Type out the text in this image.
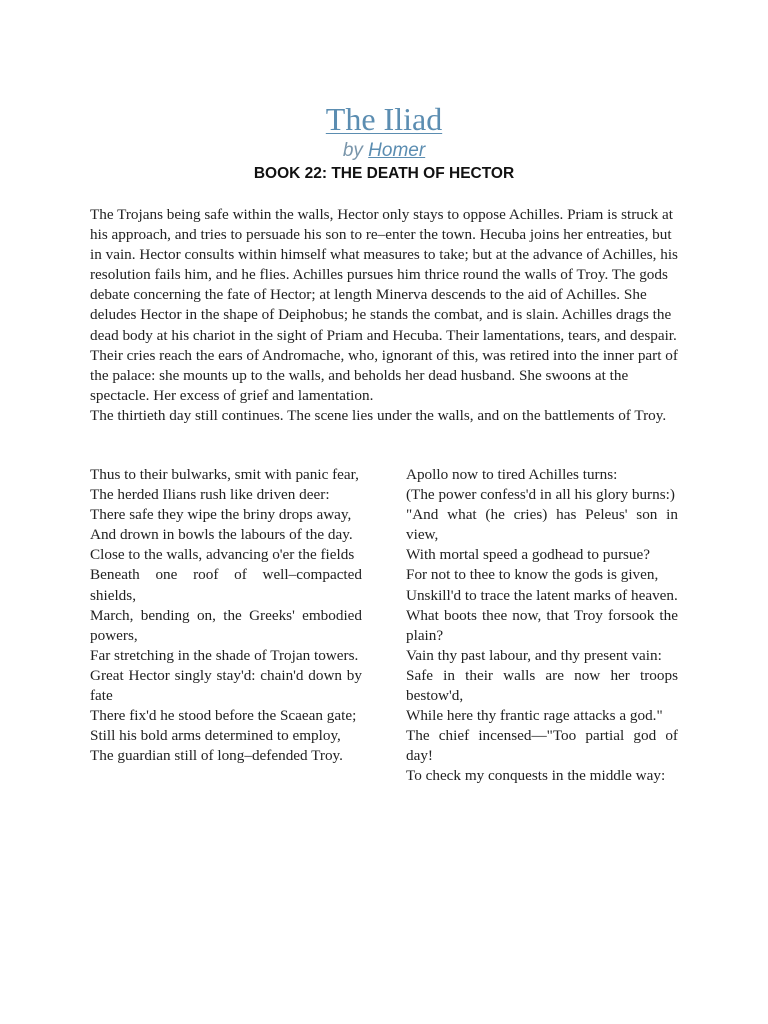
The Iliad
by Homer
BOOK 22: THE DEATH OF HECTOR

The Trojans being safe within the walls, Hector only stays to oppose Achilles. Priam is struck at his approach, and tries to persuade his son to re–enter the town. Hecuba joins her entreaties, but in vain. Hector consults within himself what measures to take; but at the advance of Achilles, his resolution fails him, and he flies. Achilles pursues him thrice round the walls of Troy. The gods debate concerning the fate of Hector; at length Minerva descends to the aid of Achilles. She deludes Hector in the shape of Deiphobus; he stands the combat, and is slain. Achilles drags the dead body at his chariot in the sight of Priam and Hecuba. Their lamentations, tears, and despair. Their cries reach the ears of Andromache, who, ignorant of this, was retired into the inner part of the palace: she mounts up to the walls, and beholds her dead husband. She swoons at the spectacle. Her excess of grief and lamentation.

The thirtieth day still continues. The scene lies under the walls, and on the battlements of Troy.

Thus to their bulwarks, smit with panic fear,
The herded Ilians rush like driven deer:
There safe they wipe the briny drops away,
And drown in bowls the labours of the day.
Close to the walls, advancing o'er the fields
Beneath one roof of well–compacted shields,
March, bending on, the Greeks' embodied powers,
Far stretching in the shade of Trojan towers.
Great Hector singly stay'd: chain'd down by fate
There fix'd he stood before the Scaean gate;
Still his bold arms determined to employ,
The guardian still of long–defended Troy.
Apollo now to tired Achilles turns:
(The power confess'd in all his glory burns:)
"And what (he cries) has Peleus' son in view,
With mortal speed a godhead to pursue?
For not to thee to know the gods is given,
Unskill'd to trace the latent marks of heaven.
What boots thee now, that Troy forsook the plain?
Vain thy past labour, and thy present vain:
Safe in their walls are now her troops bestow'd,
While here thy frantic rage attacks a god."
The chief incensed—"Too partial god of day!
To check my conquests in the middle way:
